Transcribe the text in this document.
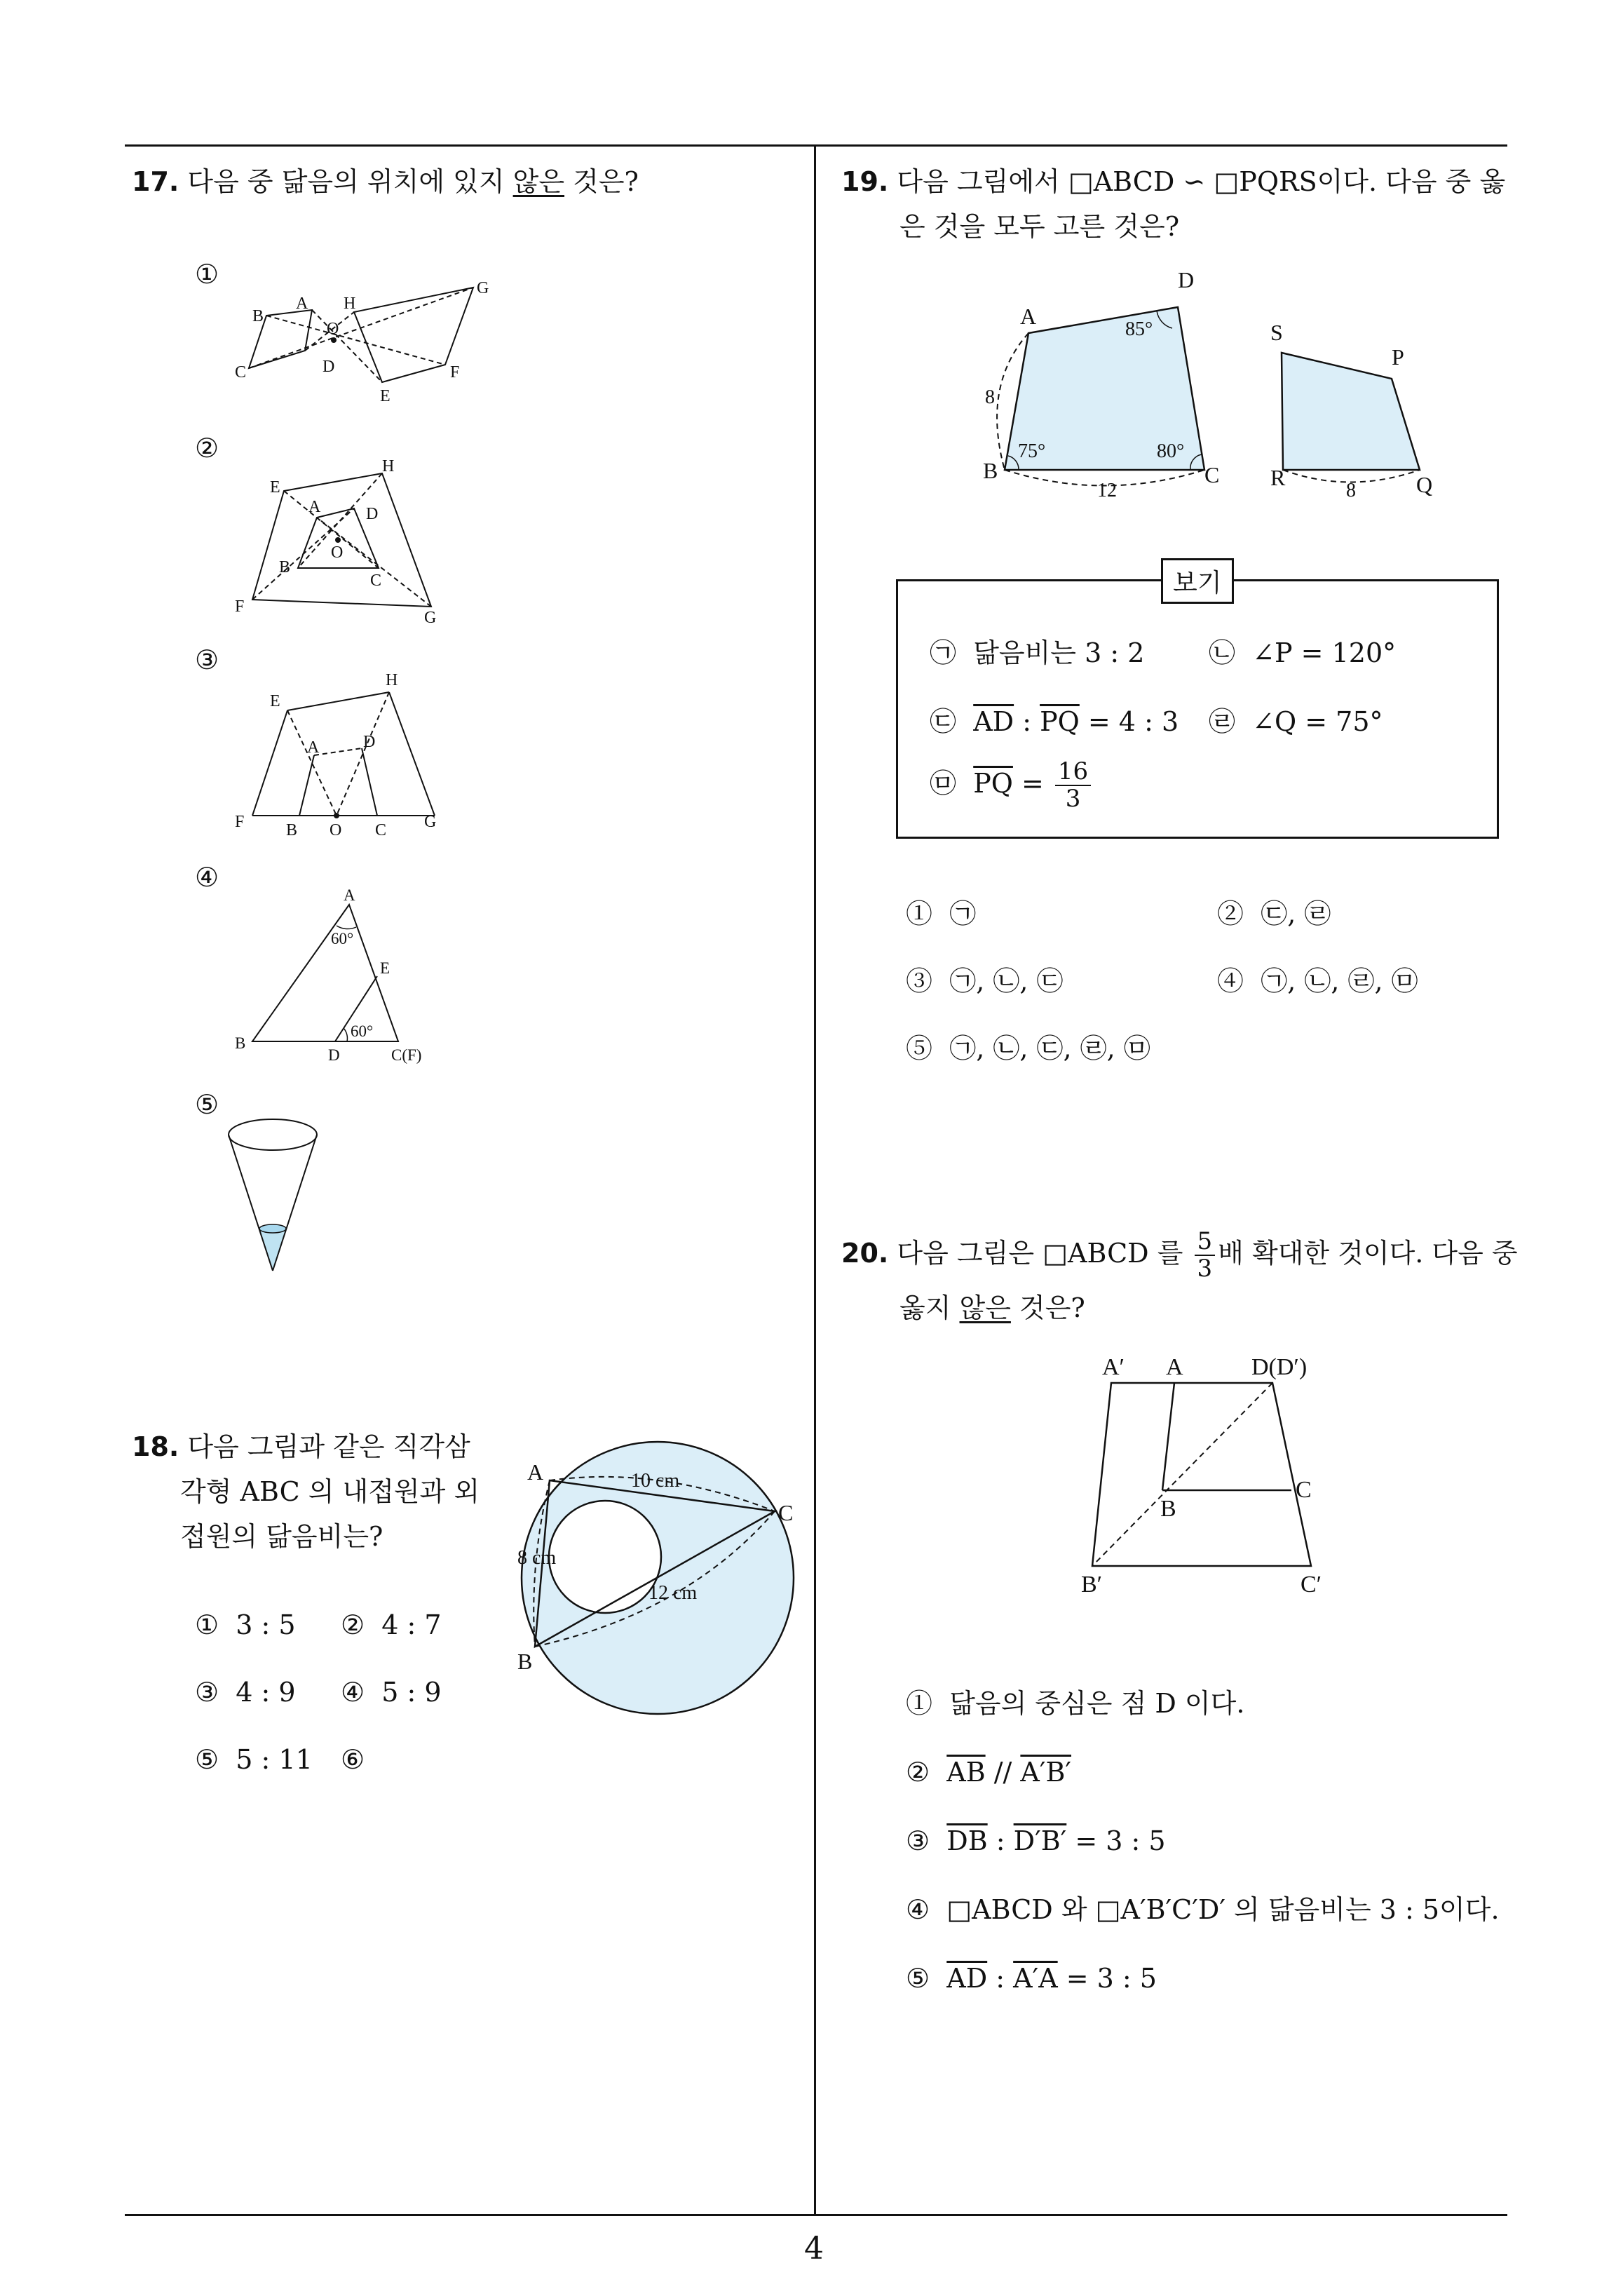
4
17. 다음 중 닮음의 위치에 있지 않은 것은?
①
②
③
④
⑤
B
A H
O
G
C	D
E
F
E
H
A	D
O
B
C
F
G
E
H
A	D
F B O C G
A
60°
E
60°
B
D	C(F)
18. 다음 그림과 같은 직각삼
각형 ABC 의 내접원과 외
접원의 닮음비는?
① 3 : 5 ② 4 : 7
③ 4 : 9 ④ 5 : 9
⑤ 5 : 11 ⑥
A
B
C
10 cm
8 cm
12 cm
19. 다음 그림에서 □ABCD ∽ □PQRS이다. 다음 중 옳
은 것을 모두 고른 것은?
D
A
S
P
B	C R	Q
85°
8
75°	80°
12	8
보기
㉠ 닮음비는 3 : 2 ㉡ ∠P = 120°
㉢ $\overline{AD}$ : $\overline{PQ} = 4$ : 3 ㉣ ∠Q = 75°
㉤ $\overline{PQ} = \frac{16}{3}$
① ㉠	② ㉢, ㉣
③ ㉠, ㉡, ㉢	④ ㉠, ㉡, ㉣, ㉤
⑤ ㉠, ㉡, ㉢, ㉣, ㉤
20. 다음 그림은 □ABCD 를 $\frac{5}{3}$ 배 확대한 것이다. 다음 중
옳지 않은 것은?
A′ A	D(D′)
B
C
B′	C′
① 닮음의 중심은 점 D 이다.
② $\overline{AB} // A'B'$
③ $\overline{DB}$ : D′B′ = 3 : 5
④ □ABCD 와 □A′B′C′D′ 의 닮음비는 3 : 5이다.
⑤ $\overline{AD}$ : A′A = 3 : 5
